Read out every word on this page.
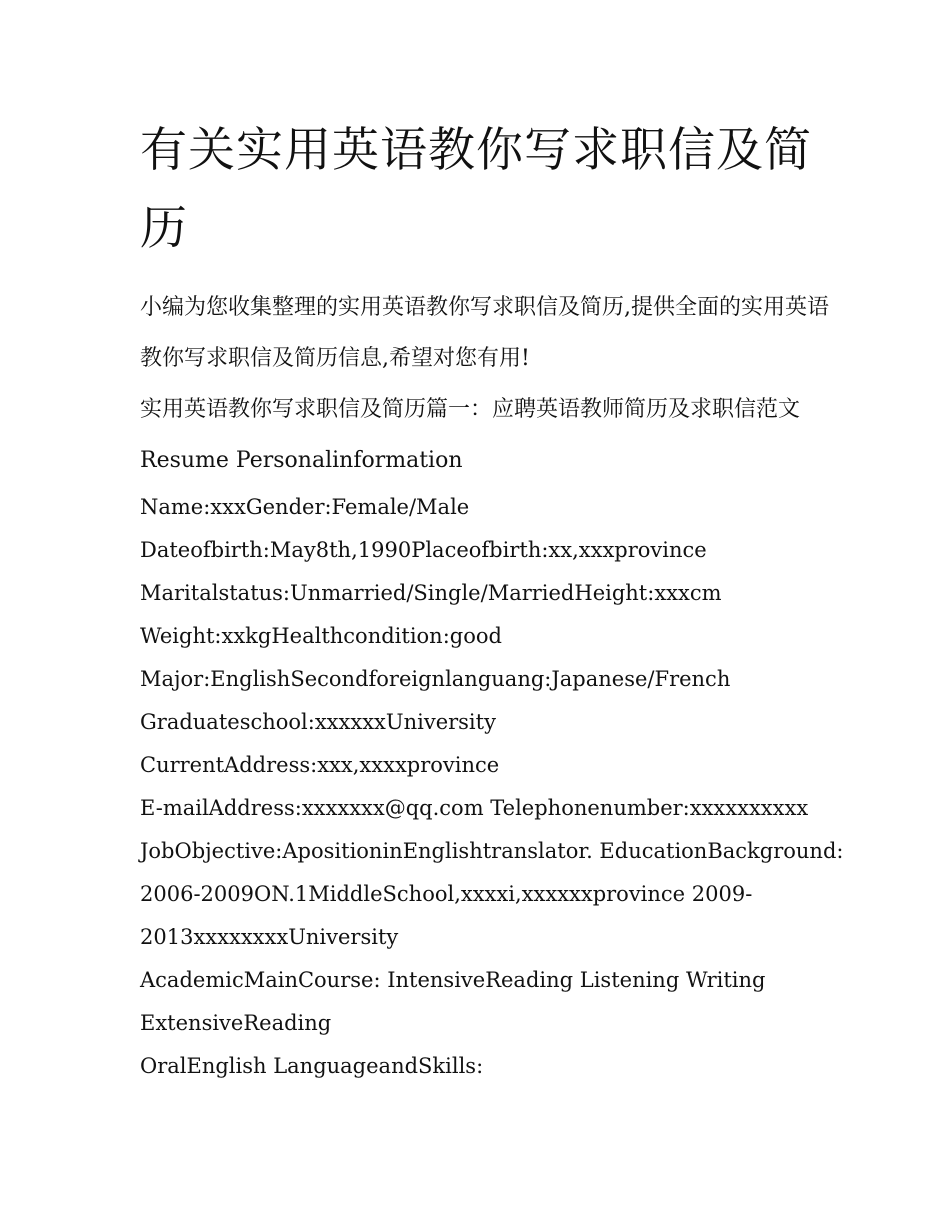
有关实用英语教你写求职信及简历

小编为您收集整理的实用英语教你写求职信及简历,提供全面的实用英语教你写求职信及简历信息,希望对您有用!

实用英语教你写求职信及简历篇一：应聘英语教师简历及求职信范文 Resume Personalinformation

Name:xxxGender:Female/Male

Dateofbirth:May8th,1990Placeofbirth:xx,xxxprovince

Maritalstatus:Unmarried/Single/MarriedHeight:xxxcm

Weight:xxkgHealthcondition:good

Major:EnglishSecondforeignlanguang:Japanese/French

Graduateschool:xxxxxxUniversity

CurrentAddress:xxx,xxxxprovince

E-mailAddress:xxxxxxx@qq.com Telephonenumber:xxxxxxxxxx

JobObjective:ApositioninEnglishtranslator. EducationBackground:

2006-2009ON.1MiddleSchool,xxxxi,xxxxxxprovince 2009-

2013xxxxxxxxUniversity

AcademicMainCourse: IntensiveReading Listening Writing

ExtensiveReading

OralEnglish LanguageandSkills:
